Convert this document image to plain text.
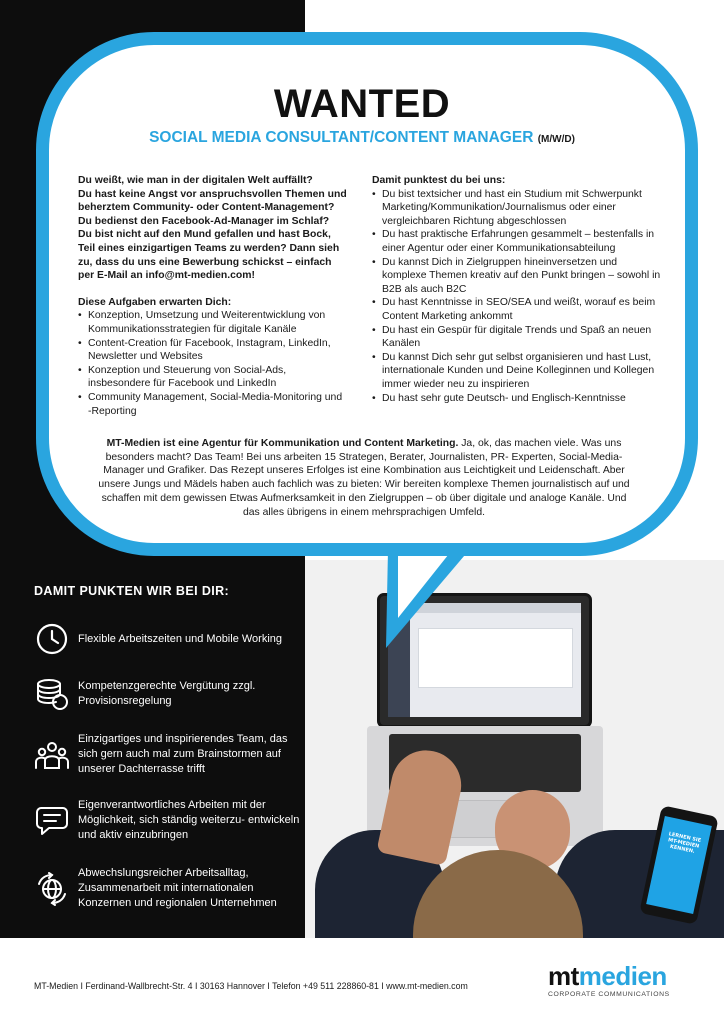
LERNEN SIE MT-MEDIEN KENNEN.
WANTED
SOCIAL MEDIA CONSULTANT/CONTENT MANAGER (M/W/D)
Du weißt, wie man in der digitalen Welt auffällt?
Du hast keine Angst vor anspruchsvollen Themen und beherztem Community- oder Content-Management?
Du bedienst den Facebook-Ad-Manager im Schlaf?
Du bist nicht auf den Mund gefallen und hast Bock, Teil eines einzigartigen Teams zu werden? Dann sieh zu, dass du uns eine Bewerbung schickst – einfach per E-Mail an info@mt-medien.com!
Diese Aufgaben erwarten Dich:
• Konzeption, Umsetzung und Weiterentwicklung von Kommunikationsstrategien für digitale Kanäle
• Content-Creation für Facebook, Instagram, LinkedIn, Newsletter und Websites
• Konzeption und Steuerung von Social-Ads, insbesondere für Facebook und LinkedIn
• Community Management, Social-Media-Monitoring und -Reporting
Damit punktest du bei uns:
• Du bist textsicher und hast ein Studium mit Schwerpunkt Marketing/Kommunikation/Journalismus oder einer vergleichbaren Richtung abgeschlossen
• Du hast praktische Erfahrungen gesammelt – bestenfalls in einer Agentur oder einer Kommunikationsabteilung
• Du kannst Dich in Zielgruppen hineinversetzen und komplexe Themen kreativ auf den Punkt bringen – sowohl in B2B als auch B2C
• Du hast Kenntnisse in SEO/SEA und weißt, worauf es beim Content Marketing ankommt
• Du hast ein Gespür für digitale Trends und Spaß an neuen Kanälen
• Du kannst Dich sehr gut selbst organisieren und hast Lust, internationale Kunden und Deine Kolleginnen und Kollegen immer wieder neu zu inspirieren
• Du hast sehr gute Deutsch- und Englisch-Kenntnisse
MT-Medien ist eine Agentur für Kommunikation und Content Marketing. Ja, ok, das machen viele. Was uns besonders macht? Das Team! Bei uns arbeiten 15 Strategen, Berater, Journalisten, PR- Experten, Social-Media-Manager und Grafiker. Das Rezept unseres Erfolges ist eine Kombination aus Leichtigkeit und Leidenschaft. Aber unsere Jungs und Mädels haben auch fachlich was zu bieten: Wir bereiten komplexe Themen journalistisch auf und schaffen mit dem gewissen Etwas Aufmerksamkeit in den Zielgruppen – ob über digitale und analoge Kanäle. Und das alles übrigens in einem mehrsprachigen Umfeld.
DAMIT PUNKTEN WIR BEI DIR:
Flexible Arbeitszeiten und Mobile Working
Kompetenzgerechte Vergütung zzgl. Provisionsregelung
Einzigartiges und inspirierendes Team, das sich gern auch mal zum Brainstormen auf unserer Dachterrasse trifft
Eigenverantwortliches Arbeiten mit der Möglichkeit, sich ständig weiterzu- entwickeln und aktiv einzubringen
Abwechslungsreicher Arbeitsalltag, Zusammenarbeit mit internationalen Konzernen und regionalen Unternehmen
MT-Medien I Ferdinand-Wallbrecht-Str. 4 I 30163 Hannover I Telefon +49 511 228860-81 I www.mt-medien.com	mtmedien
CORPORATE COMMUNICATIONS
